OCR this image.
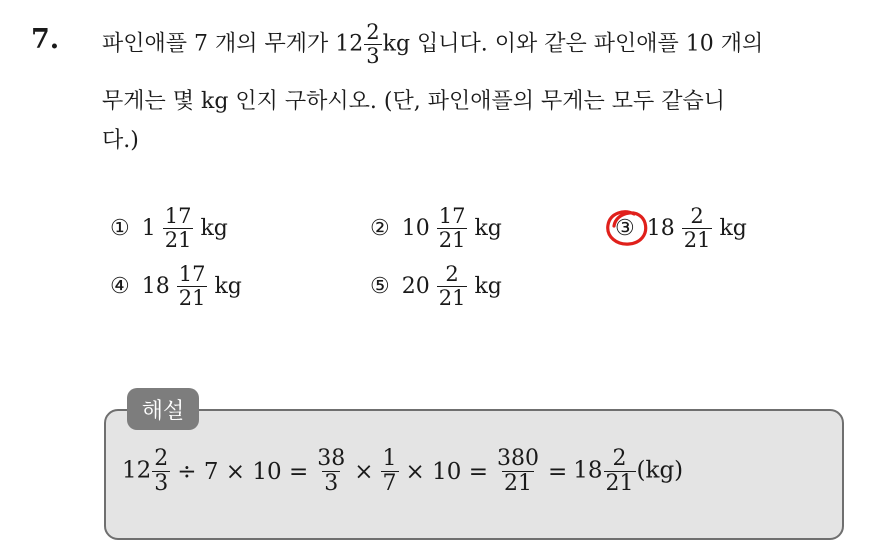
7. 파인애플 7 개의 무게가 $12 \frac{2}{3}$ kg 입니다. 이와 같은 파인애플 10 개의
무게는 몇 kg 인지 구하시오. (단, 파인애플의 무게는 모두 같습니
다.)
① $1 \frac{17}{21}$ kg	② $10 \frac{17}{21}$ kg	③ $18 \frac{2}{21}$ kg
④ $18 \frac{17}{21}$ kg	⑤ $20 \frac{2}{21}$ kg
해설
$12 \frac{2}{3} \div 7 \times 10 = \frac{38}{3} \times \frac{1}{7} \times 10 = \frac{380}{21} = 18 \frac{2}{21} (kg)$
